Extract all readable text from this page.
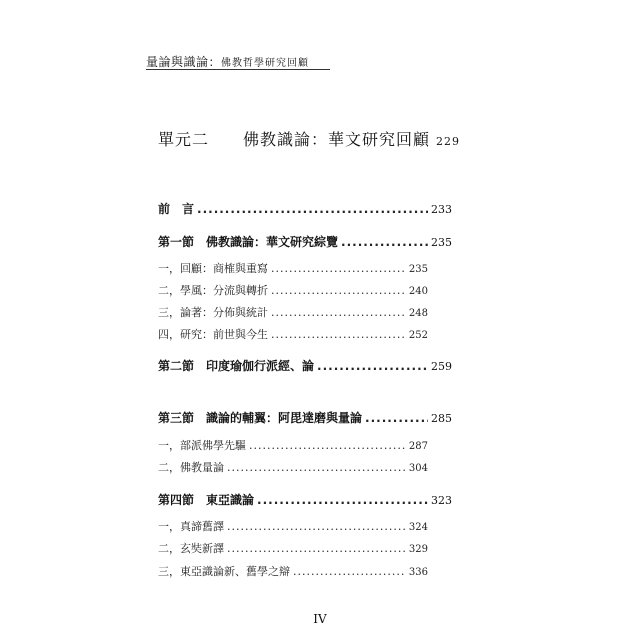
量論與識論：佛教哲學研究回顧
單元二　　佛教識論：華文研究回顧 229
前　言 .....	233
第一節　佛教識論：華文研究綜覽 .....	235
一，回顧：商榷與重寫 .....	235
二，學風：分流與轉折 .....	240
三，論著：分佈與統計 .....	248
四，研究：前世與今生 .....	252
第二節　印度瑜伽行派經、論 .....	259
第三節　識論的輔翼：阿毘達磨與量論 .....	285
一，部派佛學先驅 .....	287
二，佛教量論 .....	304
第四節　東亞識論 .....	323
一，真諦舊譯 .....	324
二，玄奘新譯 .....	329
三，東亞識論新、舊學之辯 .....	336
IV
